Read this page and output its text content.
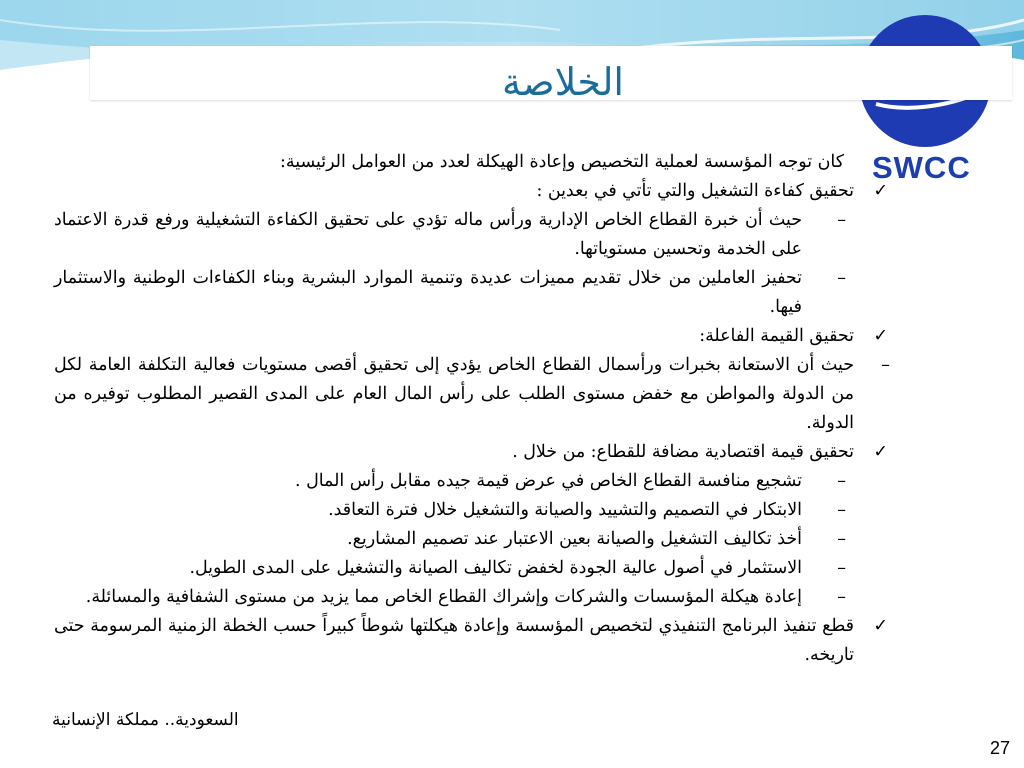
الخلاصة
SWCC

كان توجه المؤسسة لعملية التخصيص وإعادة الهيكلة لعدد من العوامل الرئيسية:

✓
تحقيق كفاءة التشغيل والتي تأتي في بعدين :
–
حيث أن خبرة القطاع الخاص الإدارية ورأس ماله تؤدي على تحقيق الكفاءة التشغيلية ورفع قدرة الاعتماد على الخدمة وتحسين مستوياتها.
–
تحفيز العاملين من خلال تقديم مميزات عديدة وتنمية الموارد البشرية وبناء الكفاءات الوطنية والاستثمار فيها.
✓
تحقيق القيمة الفاعلة:
–
حيث أن الاستعانة بخبرات ورأسمال القطاع الخاص يؤدي إلى تحقيق أقصى مستويات فعالية التكلفة العامة لكل من الدولة والمواطن مع خفض مستوى الطلب على رأس المال العام على المدى القصير المطلوب توفيره من الدولة.
✓
تحقيق قيمة اقتصادية مضافة للقطاع: من خلال .
–
تشجيع منافسة القطاع الخاص في عرض قيمة جيده مقابل رأس المال .
–
الابتكار في التصميم والتشييد والصيانة والتشغيل خلال فترة التعاقد.
–
أخذ تكاليف التشغيل والصيانة بعين الاعتبار عند تصميم المشاريع.
–
الاستثمار في أصول عالية الجودة لخفض تكاليف الصيانة والتشغيل على المدى الطويل.
–
إعادة هيكلة المؤسسات والشركات وإشراك القطاع الخاص مما يزيد من مستوى الشفافية والمسائلة.
✓
قطع تنفيذ البرنامج التنفيذي لتخصيص المؤسسة وإعادة هيكلتها شوطاً كبيراً حسب الخطة الزمنية المرسومة حتى تاريخه.
السعودية.. مملكة الإنسانية
27
